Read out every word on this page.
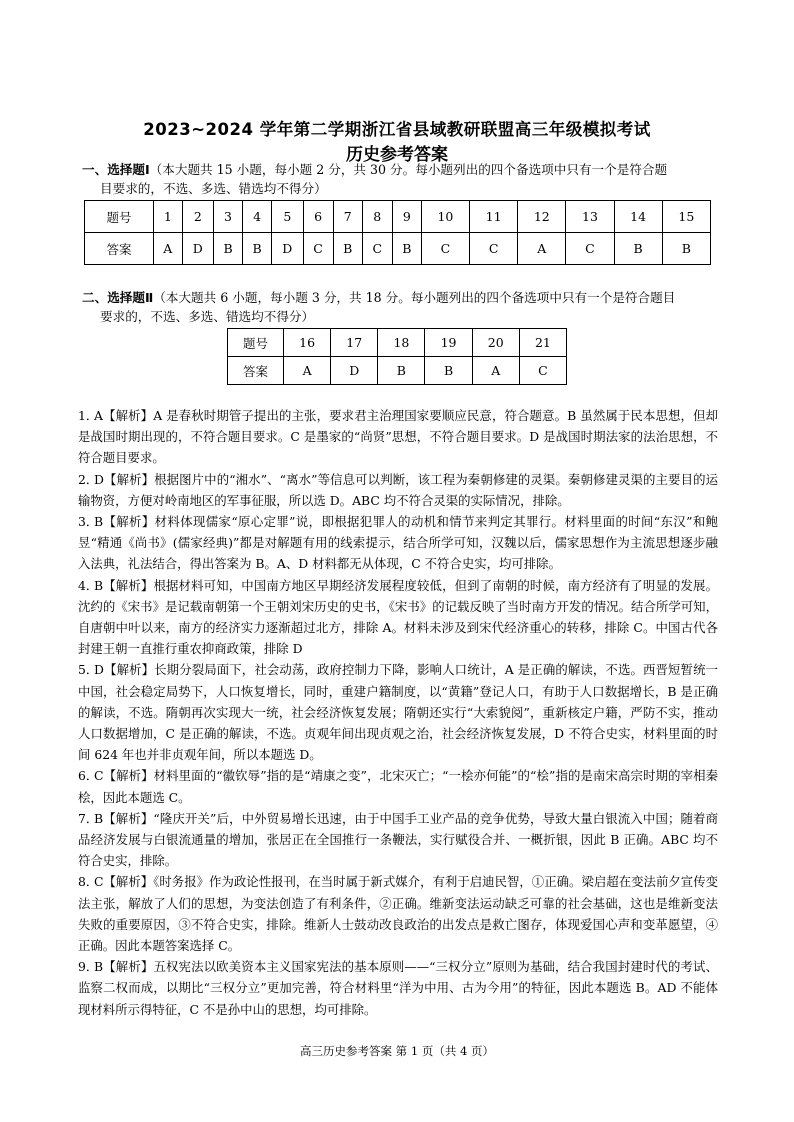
2023~2024 学年第二学期浙江省县域教研联盟高三年级模拟考试
历史参考答案
一、选择题Ⅰ（本大题共 15 小题，每小题 2 分，共 30 分。每小题列出的四个备选项中只有一个是符合题
目要求的，不选、多选、错选均不得分）
题号	1	2	3	4	5	6	7	8	9	10	11	12	13	14	15
答案	A	D	B	B	D	C	B	C	B	C	C	A	C	B	B
二、选择题Ⅱ（本大题共 6 小题，每小题 3 分，共 18 分。每小题列出的四个备选项中只有一个是符合题目
要求的，不选、多选、错选均不得分）
题号	16	17	18	19	20	21
答案	A	D	B	B	A	C

1．A【解析】A 是春秋时期管子提出的主张，要求君主治理国家要顺应民意，符合题意。B 虽然属于民本思想，但却是战国时期出现的，不符合题目要求。C 是墨家的“尚贤”思想，不符合题目要求。D 是战国时期法家的法治思想，不符合题目要求。

2．D【解析】根据图片中的“湘水”、“离水”等信息可以判断，该工程为秦朝修建的灵渠。秦朝修建灵渠的主要目的运输物资，方便对岭南地区的军事征服，所以选 D。ABC 均不符合灵渠的实际情况，排除。

3．B【解析】材料体现儒家“原心定罪”说，即根据犯罪人的动机和情节来判定其罪行。材料里面的时间“东汉”和鲍昱“精通《尚书》(儒家经典)”都是对解题有用的线索提示，结合所学可知，汉魏以后，儒家思想作为主流思想逐步融入法典，礼法结合，得出答案为 B。A、D 材料都无从体现，C 不符合史实，均可排除。

4．B【解析】根据材料可知，中国南方地区早期经济发展程度较低，但到了南朝的时候，南方经济有了明显的发展。沈约的《宋书》是记载南朝第一个王朝刘宋历史的史书，《宋书》的记载反映了当时南方开发的情况。结合所学可知，自唐朝中叶以来，南方的经济实力逐渐超过北方，排除 A。材料未涉及到宋代经济重心的转移，排除 C。中国古代各封建王朝一直推行重农抑商政策，排除 D

5．D【解析】长期分裂局面下，社会动荡，政府控制力下降，影响人口统计，A 是正确的解读，不选。西晋短暂统一中国，社会稳定局势下，人口恢复增长，同时，重建户籍制度，以“黄籍”登记人口，有助于人口数据增长，B 是正确的解读，不选。隋朝再次实现大一统，社会经济恢复发展；隋朝还实行“大索貌阅”，重新核定户籍，严防不实，推动人口数据增加，C 是正确的解读，不选。贞观年间出现贞观之治，社会经济恢复发展，D 不符合史实，材料里面的时间 624 年也并非贞观年间，所以本题选 D。

6．C【解析】材料里面的“徽钦辱”指的是“靖康之变”，北宋灭亡；“一桧亦何能”的“桧”指的是南宋高宗时期的宰相秦桧，因此本题选 C。

7．B【解析】“隆庆开关”后，中外贸易增长迅速，由于中国手工业产品的竞争优势，导致大量白银流入中国；随着商品经济发展与白银流通量的增加，张居正在全国推行一条鞭法，实行赋役合并、一概折银，因此 B 正确。ABC 均不符合史实，排除。

8．C【解析】《时务报》作为政论性报刊，在当时属于新式媒介，有利于启迪民智，①正确。梁启超在变法前夕宣传变法主张，解放了人们的思想，为变法创造了有利条件，②正确。维新变法运动缺乏可靠的社会基础，这也是维新变法失败的重要原因，③不符合史实，排除。维新人士鼓动改良政治的出发点是救亡图存，体现爱国心声和变革愿望，④正确。因此本题答案选择 C。

9．B【解析】五权宪法以欧美资本主义国家宪法的基本原则——“三权分立”原则为基础，结合我国封建时代的考试、监察二权而成，以期比“三权分立”更加完善，符合材料里“洋为中用、古为今用”的特征，因此本题选 B。AD 不能体现材料所示得特征，C 不是孙中山的思想，均可排除。

高三历史参考答案 第 1 页（共 4 页）
